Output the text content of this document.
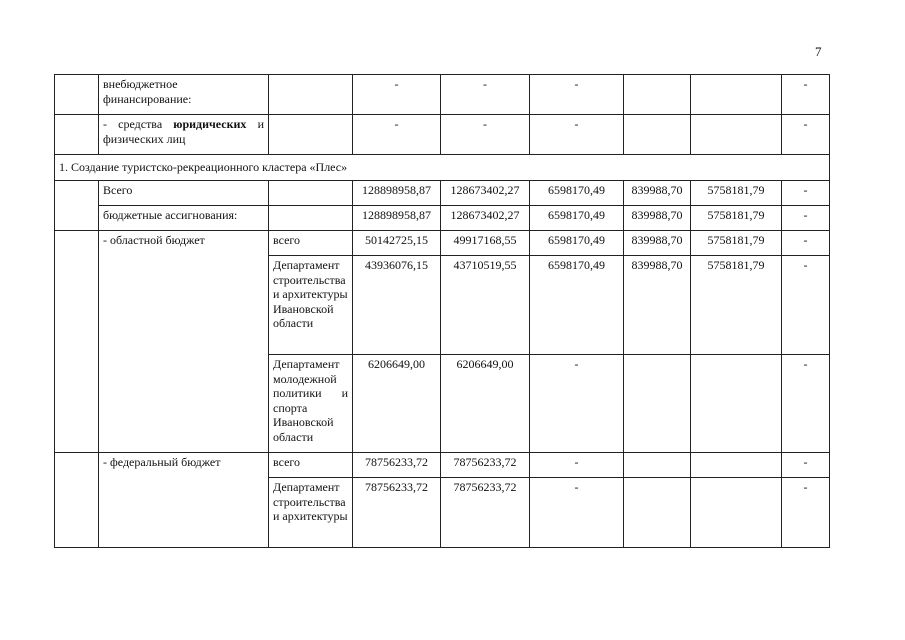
7
	внебюджетное финансирование:		-	-	-			-
	- средства юридических и физических лиц		-	-	-			-
1. Создание туристско-рекреационного кластера «Плес»								
	Всего		128898958,87	128673402,27	6598170,49	839988,70	5758181,79	-
	бюджетные ассигнования:		128898958,87	128673402,27	6598170,49	839988,70	5758181,79	-
	- областной бюджет	всего	50142725,15	49917168,55	6598170,49	839988,70	5758181,79	-
		Департамент строительства и архитектуры Ивановской области	43936076,15	43710519,55	6598170,49	839988,70	5758181,79	-
		Департамент молодежной политики и спорта Ивановской области	6206649,00	6206649,00	-			-
	- федеральный бюджет	всего	78756233,72	78756233,72	-			-
		Департамент строительства и архитектуры	78756233,72	78756233,72	-			-
